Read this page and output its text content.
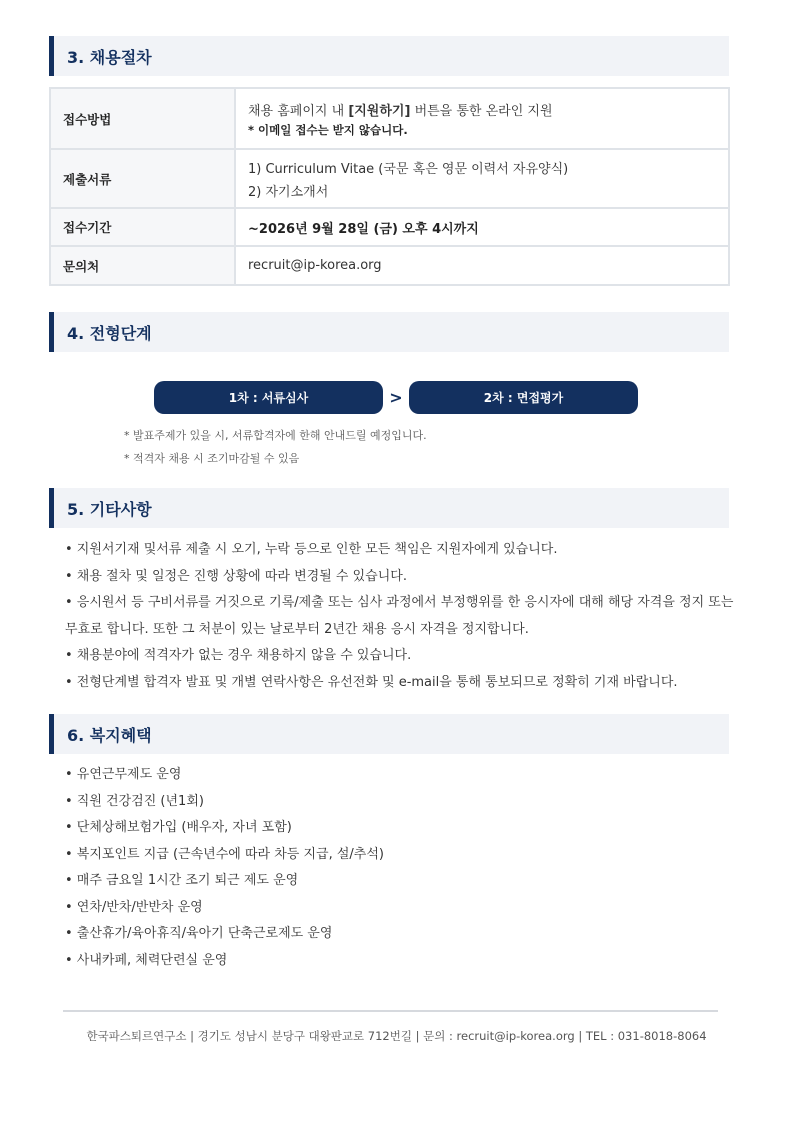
3. 채용절차
접수방법	채용 홈페이지 내 [지원하기] 버튼을 통한 온라인 지원
* 이메일 접수는 받지 않습니다.

제출서류	1) Curriculum Vitae (국문 혹은 영문 이력서 자유양식)
2) 자기소개서

접수기간	~2026년 9월 28일 (금) 오후 4시까지
문의처	recruit@ip-korea.org
4. 전형단계
1차 : 서류심사	>	2차 : 면접평가
* 발표주제가 있을 시, 서류합격자에 한해 안내드릴 예정입니다.
* 적격자 채용 시 조기마감될 수 있음
5. 기타사항
• 지원서기재 및서류 제출 시 오기, 누락 등으로 인한 모든 책임은 지원자에게 있습니다.
• 채용 절차 및 일정은 진행 상황에 따라 변경될 수 있습니다.
• 응시원서 등 구비서류를 거짓으로 기록/제출 또는 심사 과정에서 부정행위를 한 응시자에 대해 해당 자격을 정지 또는 무효로 합니다. 또한 그 처분이 있는 날로부터 2년간 채용 응시 자격을 정지합니다.
• 채용분야에 적격자가 없는 경우 채용하지 않을 수 있습니다.
• 전형단계별 합격자 발표 및 개별 연락사항은 유선전화 및 e-mail을 통해 통보되므로 정확히 기재 바랍니다.
6. 복지혜택
• 유연근무제도 운영
• 직원 건강검진 (년1회)
• 단체상해보험가입 (배우자, 자녀 포함)
• 복지포인트 지급 (근속년수에 따라 차등 지급, 설/추석)
• 매주 금요일 1시간 조기 퇴근 제도 운영
• 연차/반차/반반차 운영
• 출산휴가/육아휴직/육아기 단축근로제도 운영
• 사내카페, 체력단련실 운영
한국파스퇴르연구소 | 경기도 성남시 분당구 대왕판교로 712번길 | 문의 : recruit@ip-korea.org | TEL : 031-8018-8064
